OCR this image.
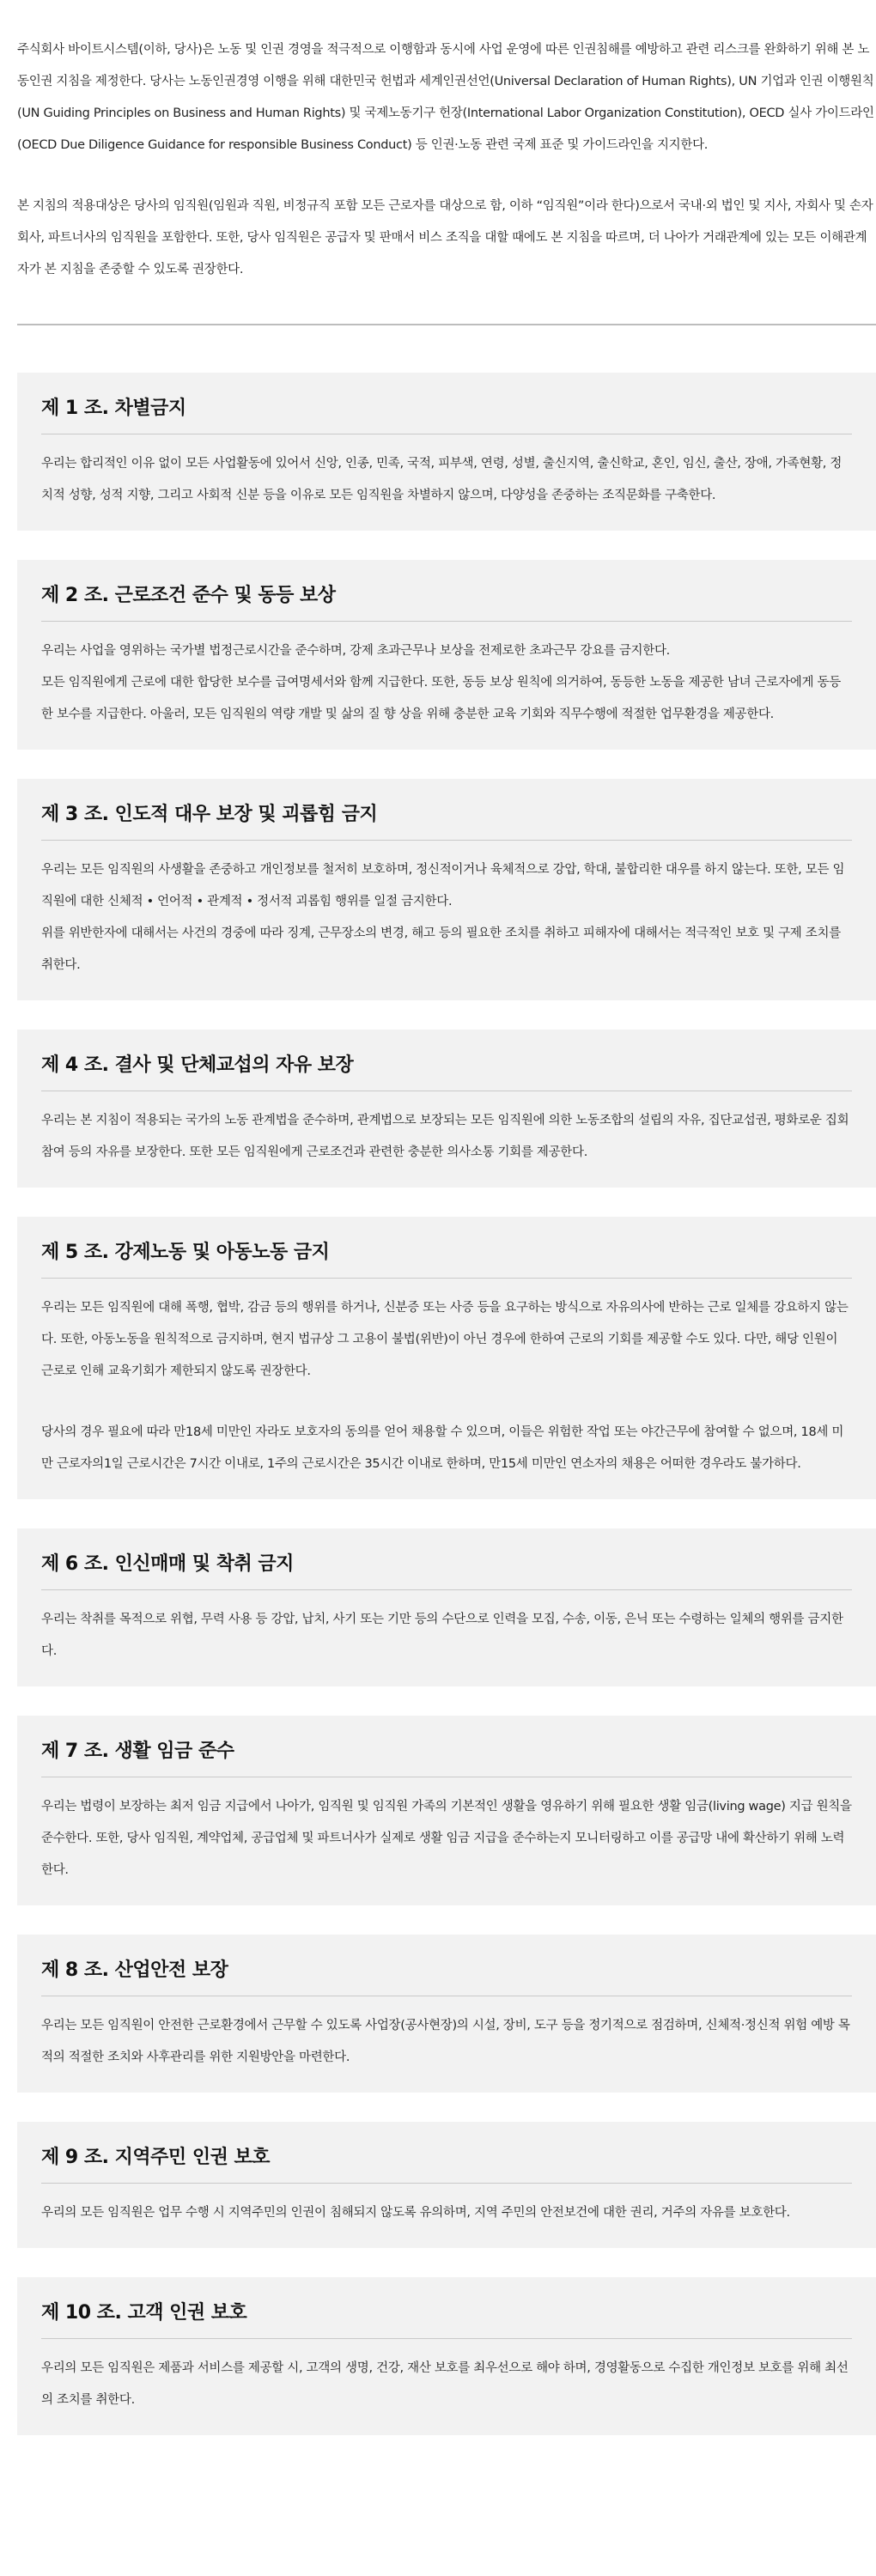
주식회사 바이트시스템(이하, 당사)은 노동 및 인권 경영을 적극적으로 이행함과 동시에 사업 운영에 따른 인권침해를 예방하고 관련 리스크를 완화하기 위해 본 노동인권 지침을 제정한다. 당사는 노동인권경영 이행을 위해 대한민국 헌법과 세계인권선언(Universal Declaration of Human Rights), UN 기업과 인권 이행원칙(UN Guiding Principles on Business and Human Rights) 및 국제노동기구 헌장(International Labor Organization Constitution), OECD 실사 가이드라인(OECD Due Diligence Guidance for responsible Business Conduct) 등 인권·노동 관련 국제 표준 및 가이드라인을 지지한다.

본 지침의 적용대상은 당사의 임직원(임원과 직원, 비정규직 포함 모든 근로자를 대상으로 함, 이하 “임직원”이라 한다)으로서 국내·외 법인 및 지사, 자회사 및 손자회사, 파트너사의 임직원을 포함한다. 또한, 당사 임직원은 공급자 및 판매서 비스 조직을 대할 때에도 본 지침을 따르며, 더 나아가 거래관계에 있는 모든 이해관계자가 본 지침을 존중할 수 있도록 권장한다.

제 1 조. 차별금지

우리는 합리적인 이유 없이 모든 사업활동에 있어서 신앙, 인종, 민족, 국적, 피부색, 연령, 성별, 출신지역, 출신학교, 혼인, 임신, 출산, 장애, 가족현황, 정치적 성향, 성적 지향, 그리고 사회적 신분 등을 이유로 모든 임직원을 차별하지 않으며, 다양성을 존중하는 조직문화를 구축한다.

제 2 조. 근로조건 준수 및 동등 보상

우리는 사업을 영위하는 국가별 법정근로시간을 준수하며, 강제 초과근무나 보상을 전제로한 초과근무 강요를 금지한다.

모든 임직원에게 근로에 대한 합당한 보수를 급여명세서와 함께 지급한다. 또한, 동등 보상 원칙에 의거하여, 동등한 노동을 제공한 남녀 근로자에게 동등한 보수를 지급한다. 아울러, 모든 임직원의 역량 개발 및 삶의 질 향 상을 위해 충분한 교육 기회와 직무수행에 적절한 업무환경을 제공한다.

제 3 조. 인도적 대우 보장 및 괴롭힘 금지

우리는 모든 임직원의 사생활을 존중하고 개인정보를 철저히 보호하며, 정신적이거나 육체적으로 강압, 학대, 불합리한 대우를 하지 않는다. 또한, 모든 임직원에 대한 신체적 • 언어적 • 관계적 • 정서적 괴롭힘 행위를 일절 금지한다.

위를 위반한자에 대해서는 사건의 경중에 따라 징계, 근무장소의 변경, 해고 등의 필요한 조치를 취하고 피해자에 대해서는 적극적인 보호 및 구제 조치를 취한다.

제 4 조. 결사 및 단체교섭의 자유 보장

우리는 본 지침이 적용되는 국가의 노동 관계법을 준수하며, 관계법으로 보장되는 모든 임직원에 의한 노동조합의 설립의 자유, 집단교섭권, 평화로운 집회 참여 등의 자유를 보장한다. 또한 모든 임직원에게 근로조건과 관련한 충분한 의사소통 기회를 제공한다.

제 5 조. 강제노동 및 아동노동 금지

우리는 모든 임직원에 대해 폭행, 협박, 감금 등의 행위를 하거나, 신분증 또는 사증 등을 요구하는 방식으로 자유의사에 반하는 근로 일체를 강요하지 않는다. 또한, 아동노동을 원칙적으로 금지하며, 현지 법규상 그 고용이 불법(위반)이 아닌 경우에 한하여 근로의 기회를 제공할 수도 있다. 다만, 해당 인원이 근로로 인해 교육기회가 제한되지 않도록 권장한다.

당사의 경우 필요에 따라 만18세 미만인 자라도 보호자의 동의를 얻어 채용할 수 있으며, 이들은 위험한 작업 또는 야간근무에 참여할 수 없으며, 18세 미만 근로자의1일 근로시간은 7시간 이내로, 1주의 근로시간은 35시간 이내로 한하며, 만15세 미만인 연소자의 채용은 어떠한 경우라도 불가하다.

제 6 조. 인신매매 및 착취 금지

우리는 착취를 목적으로 위협, 무력 사용 등 강압, 납치, 사기 또는 기만 등의 수단으로 인력을 모집, 수송, 이동, 은닉 또는 수령하는 일체의 행위를 금지한다.

제 7 조. 생활 임금 준수

우리는 법령이 보장하는 최저 임금 지급에서 나아가, 임직원 및 임직원 가족의 기본적인 생활을 영유하기 위해 필요한 생활 임금(living wage) 지급 원칙을 준수한다. 또한, 당사 임직원, 계약업체, 공급업체 및 파트너사가 실제로 생활 임금 지급을 준수하는지 모니터링하고 이를 공급망 내에 확산하기 위해 노력한다.

제 8 조. 산업안전 보장

우리는 모든 임직원이 안전한 근로환경에서 근무할 수 있도록 사업장(공사현장)의 시설, 장비, 도구 등을 정기적으로 점검하며, 신체적·정신적 위험 예방 목적의 적절한 조치와 사후관리를 위한 지원방안을 마련한다.

제 9 조. 지역주민 인권 보호

우리의 모든 임직원은 업무 수행 시 지역주민의 인권이 침해되지 않도록 유의하며, 지역 주민의 안전보건에 대한 권리, 거주의 자유를 보호한다.

제 10 조. 고객 인권 보호

우리의 모든 임직원은 제품과 서비스를 제공할 시, 고객의 생명, 건강, 재산 보호를 최우선으로 해야 하며, 경영활동으로 수집한 개인정보 보호를 위해 최선의 조치를 취한다.
